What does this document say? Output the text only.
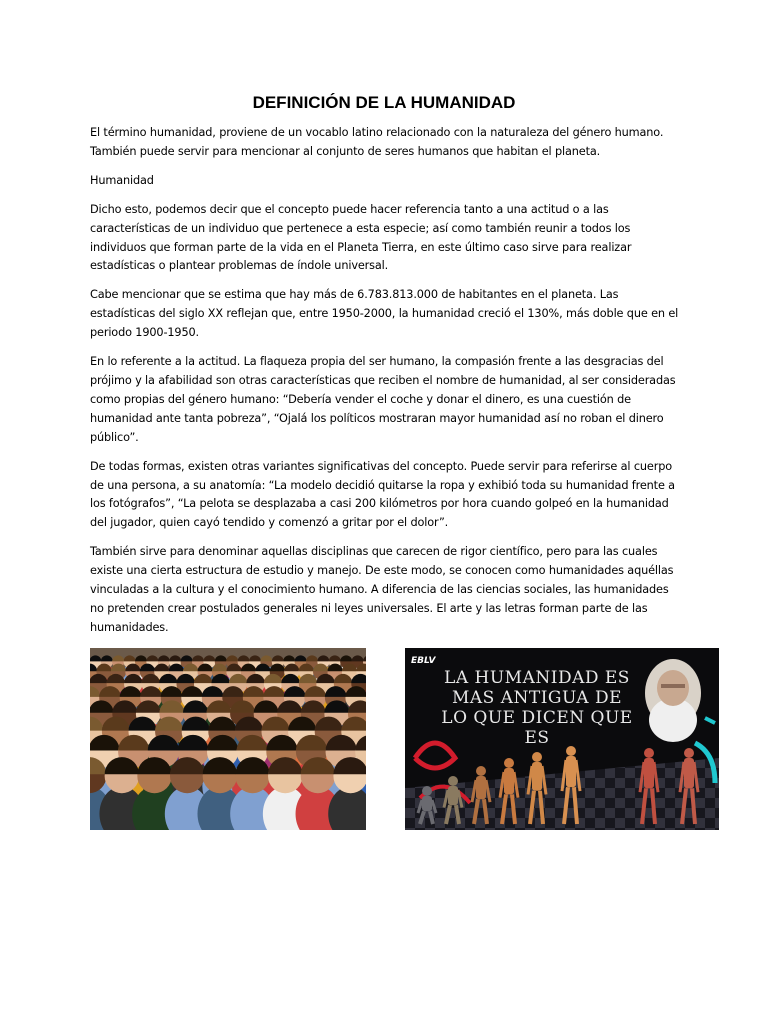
DEFINICIÓN DE LA HUMANIDAD

El término humanidad, proviene de un vocablo latino relacionado con la naturaleza del género humano. También puede servir para mencionar al conjunto de seres humanos que habitan el planeta.

Humanidad

Dicho esto, podemos decir que el concepto puede hacer referencia tanto a una actitud o a las características de un individuo que pertenece a esta especie; así como también reunir a todos los individuos que forman parte de la vida en el Planeta Tierra, en este último caso sirve para realizar estadísticas o plantear problemas de índole universal.

Cabe mencionar que se estima que hay más de 6.783.813.000 de habitantes en el planeta. Las estadísticas del siglo XX reflejan que, entre 1950-2000, la humanidad creció el 130%, más doble que en el periodo 1900-1950.

En lo referente a la actitud. La flaqueza propia del ser humano, la compasión frente a las desgracias del prójimo y la afabilidad son otras características que reciben el nombre de humanidad, al ser consideradas como propias del género humano: “Debería vender el coche y donar el dinero, es una cuestión de humanidad ante tanta pobreza”, “Ojalá los políticos mostraran mayor humanidad así no roban el dinero público”.

De todas formas, existen otras variantes significativas del concepto. Puede servir para referirse al cuerpo de una persona, a su anatomía: “La modelo decidió quitarse la ropa y exhibió toda su humanidad frente a los fotógrafos”, “La pelota se desplazaba a casi 200 kilómetros por hora cuando golpeó en la humanidad del jugador, quien cayó tendido y comenzó a gritar por el dolor”.

También sirve para denominar aquellas disciplinas que carecen de rigor científico, pero para las cuales existe una cierta estructura de estudio y manejo. De este modo, se conocen como humanidades aquéllas vinculadas a la cultura y el conocimiento humano. A diferencia de las ciencias sociales, las humanidades no pretenden crear postulados generales ni leyes universales. El arte y las letras forman parte de las humanidades.

EBLV
LA HUMANIDAD ES MAS ANTIGUA DE LO QUE DICEN QUE ES
